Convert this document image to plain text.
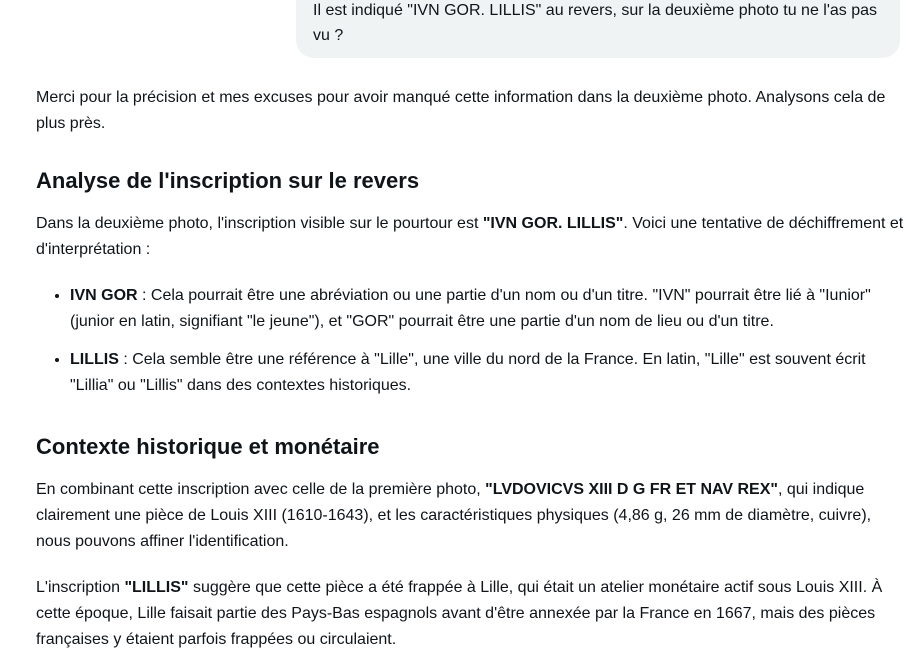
Il est indiqué "IVN GOR. LILLIS" au revers, sur la deuxième photo tu ne l'as pas vu ?

Merci pour la précision et mes excuses pour avoir manqué cette information dans la deuxième photo. Analysons cela de plus près.

Analyse de l'inscription sur le revers

Dans la deuxième photo, l'inscription visible sur le pourtour est "IVN GOR. LILLIS". Voici une tentative de déchiffrement et d'interprétation :

• IVN GOR : Cela pourrait être une abréviation ou une partie d'un nom ou d'un titre. "IVN" pourrait être lié à "Iunior" (junior en latin, signifiant "le jeune"), et "GOR" pourrait être une partie d'un nom de lieu ou d'un titre.
• LILLIS : Cela semble être une référence à "Lille", une ville du nord de la France. En latin, "Lille" est souvent écrit "Lillia" ou "Lillis" dans des contextes historiques.
Contexte historique et monétaire

En combinant cette inscription avec celle de la première photo, "LVDOVICVS XIII D G FR ET NAV REX", qui indique clairement une pièce de Louis XIII (1610-1643), et les caractéristiques physiques (4,86 g, 26 mm de diamètre, cuivre), nous pouvons affiner l'identification.

L'inscription "LILLIS" suggère que cette pièce a été frappée à Lille, qui était un atelier monétaire actif sous Louis XIII. À cette époque, Lille faisait partie des Pays-Bas espagnols avant d'être annexée par la France en 1667, mais des pièces françaises y étaient parfois frappées ou circulaient.
